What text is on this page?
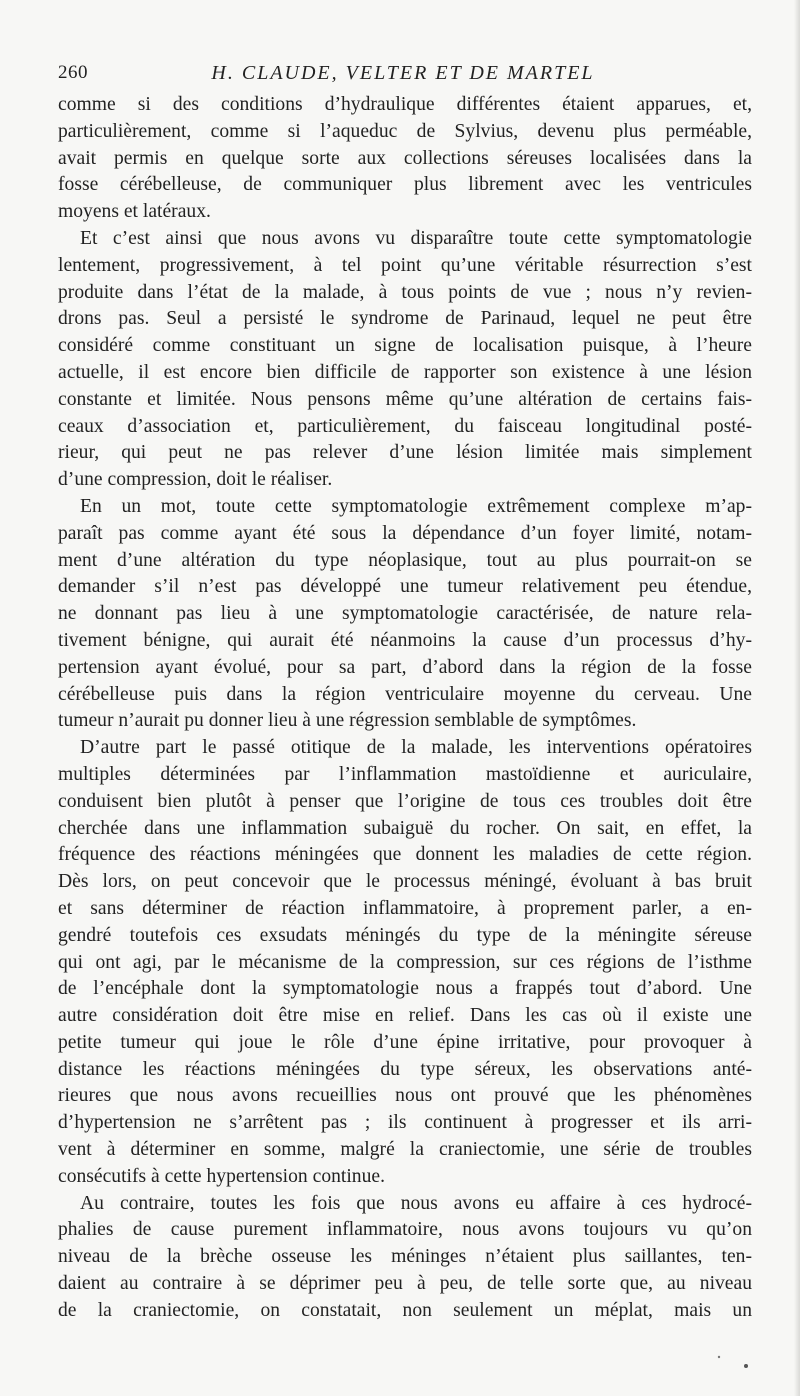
260	H. CLAUDE, VELTER ET DE MARTEL
comme si des conditions d’hydraulique différentes étaient apparues, et,
particulièrement, comme si l’aqueduc de Sylvius, devenu plus perméable,
avait permis en quelque sorte aux collections séreuses localisées dans la
fosse cérébelleuse, de communiquer plus librement avec les ventricules
moyens et latéraux.
Et c’est ainsi que nous avons vu disparaître toute cette symptomatologie
lentement, progressivement, à tel point qu’une véritable résurrection s’est
produite dans l’état de la malade, à tous points de vue ; nous n’y revien-
drons pas. Seul a persisté le syndrome de Parinaud, lequel ne peut être
considéré comme constituant un signe de localisation puisque, à l’heure
actuelle, il est encore bien difficile de rapporter son existence à une lésion
constante et limitée. Nous pensons même qu’une altération de certains fais-
ceaux d’association et, particulièrement, du faisceau longitudinal posté-
rieur, qui peut ne pas relever d’une lésion limitée mais simplement
d’une compression, doit le réaliser.
En un mot, toute cette symptomatologie extrêmement complexe m’ap-
paraît pas comme ayant été sous la dépendance d’un foyer limité, notam-
ment d’une altération du type néoplasique, tout au plus pourrait-on se
demander s’il n’est pas développé une tumeur relativement peu étendue,
ne donnant pas lieu à une symptomatologie caractérisée, de nature rela-
tivement bénigne, qui aurait été néanmoins la cause d’un processus d’hy-
pertension ayant évolué, pour sa part, d’abord dans la région de la fosse
cérébelleuse puis dans la région ventriculaire moyenne du cerveau. Une
tumeur n’aurait pu donner lieu à une régression semblable de symptômes.
D’autre part le passé otitique de la malade, les interventions opératoires
multiples déterminées par l’inflammation mastoïdienne et auriculaire,
conduisent bien plutôt à penser que l’origine de tous ces troubles doit être
cherchée dans une inflammation subaiguë du rocher. On sait, en effet, la
fréquence des réactions méningées que donnent les maladies de cette région.
Dès lors, on peut concevoir que le processus méningé, évoluant à bas bruit
et sans déterminer de réaction inflammatoire, à proprement parler, a en-
gendré toutefois ces exsudats méningés du type de la méningite séreuse
qui ont agi, par le mécanisme de la compression, sur ces régions de l’isthme
de l’encéphale dont la symptomatologie nous a frappés tout d’abord. Une
autre considération doit être mise en relief. Dans les cas où il existe une
petite tumeur qui joue le rôle d’une épine irritative, pour provoquer à
distance les réactions méningées du type séreux, les observations anté-
rieures que nous avons recueillies nous ont prouvé que les phénomènes
d’hypertension ne s’arrêtent pas ; ils continuent à progresser et ils arri-
vent à déterminer en somme, malgré la craniectomie, une série de troubles
consécutifs à cette hypertension continue.
Au contraire, toutes les fois que nous avons eu affaire à ces hydrocé-
phalies de cause purement inflammatoire, nous avons toujours vu qu’on
niveau de la brèche osseuse les méninges n’étaient plus saillantes, ten-
daient au contraire à se déprimer peu à peu, de telle sorte que, au niveau
de la craniectomie, on constatait, non seulement un méplat, mais un
